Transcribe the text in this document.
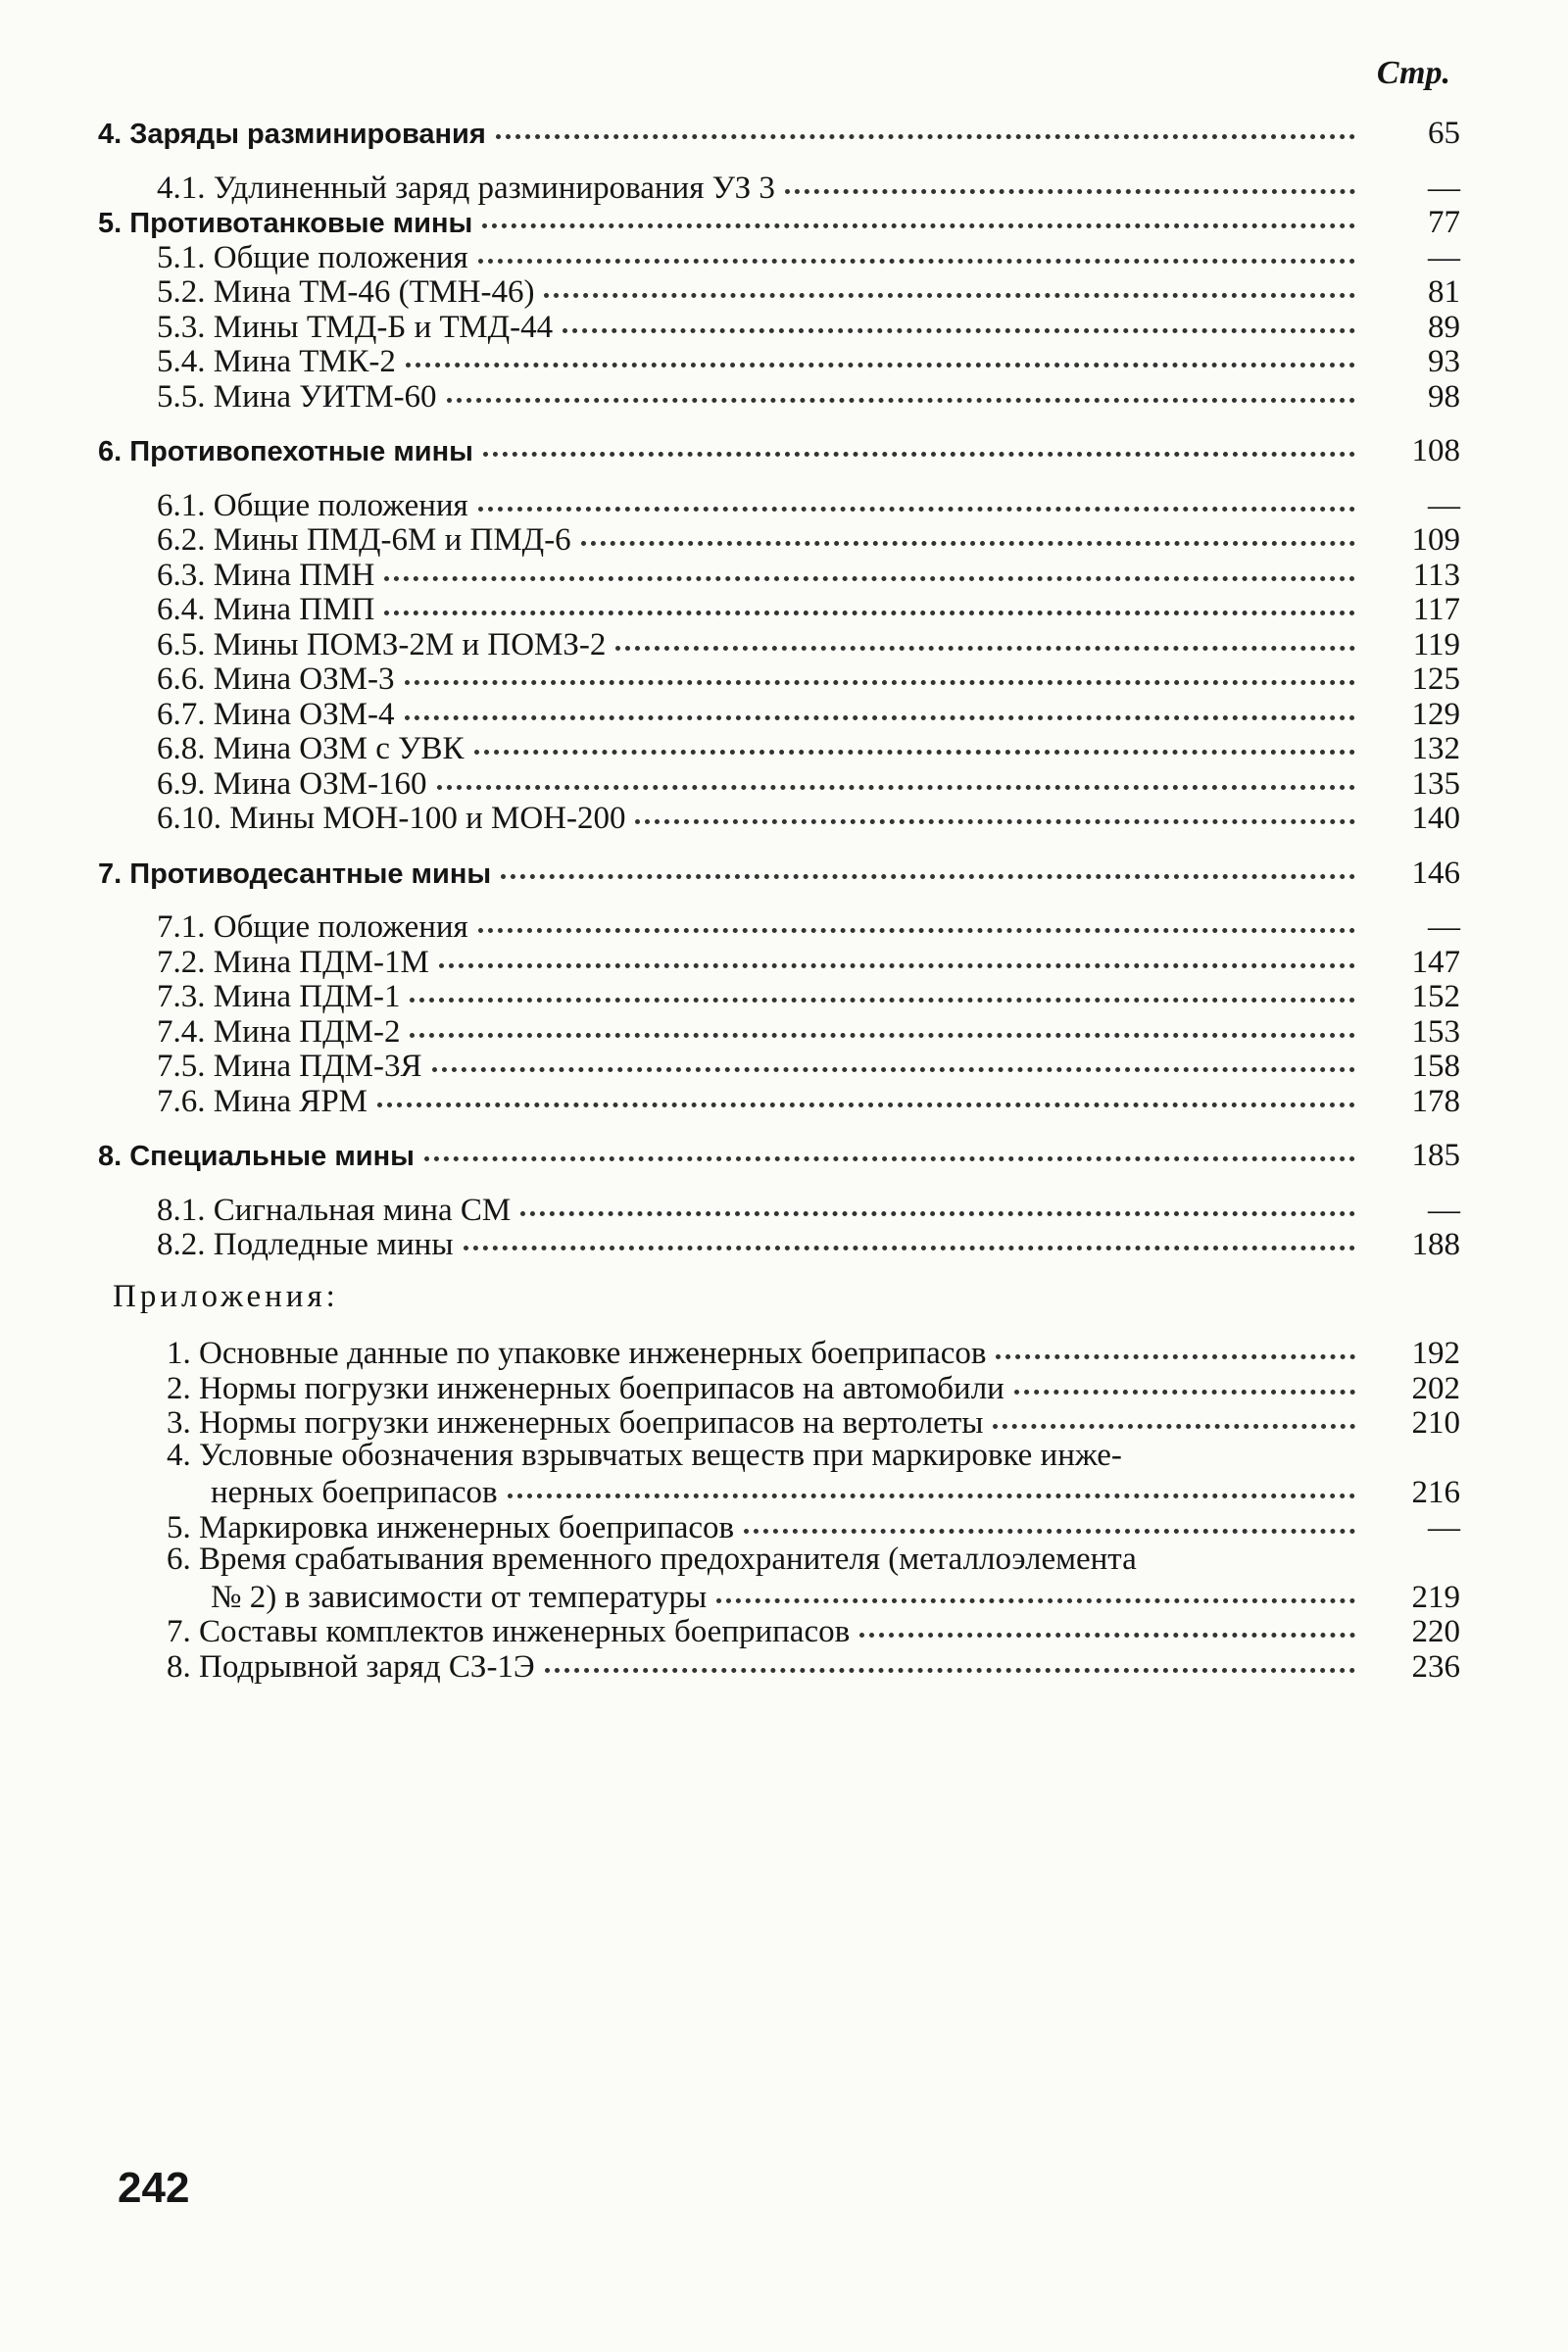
Стр.
4. Заряды разминирования	65
4.1. Удлиненный заряд разминирования УЗ 3	—
5. Противотанковые мины	77
5.1. Общие положения	—
5.2. Мина ТМ-46 (ТМН-46)	81
5.3. Мины ТМД-Б и ТМД-44	89
5.4. Мина ТМК-2	93
5.5. Мина УИТМ-60	98
6. Противопехотные мины	108
6.1. Общие положения	—
6.2. Мины ПМД-6М и ПМД-6	109
6.3. Мина ПМН	113
6.4. Мина ПМП	117
6.5. Мины ПОМЗ-2М и ПОМЗ-2	119
6.6. Мина ОЗМ-3	125
6.7. Мина ОЗМ-4	129
6.8. Мина ОЗМ с УВК	132
6.9. Мина ОЗМ-160	135
6.10. Мины МОН-100 и МОН-200	140
7. Противодесантные мины	146
7.1. Общие положения	—
7.2. Мина ПДМ-1М	147
7.3. Мина ПДМ-1	152
7.4. Мина ПДМ-2	153
7.5. Мина ПДМ-3Я	158
7.6. Мина ЯРМ	178
8. Специальные мины	185
8.1. Сигнальная мина СМ	—
8.2. Подледные мины	188
Приложения:
1. Основные данные по упаковке инженерных боеприпасов	192
2. Нормы погрузки инженерных боеприпасов на автомобили	202
3. Нормы погрузки инженерных боеприпасов на вертолеты	210
4. Условные обозначения взрывчатых веществ при маркировке инже-
нерных боеприпасов	216
5. Маркировка инженерных боеприпасов	—
6. Время срабатывания временного предохранителя (металлоэлемента
№ 2) в зависимости от температуры	219
7. Составы комплектов инженерных боеприпасов	220
8. Подрывной заряд СЗ-1Э	236
242
